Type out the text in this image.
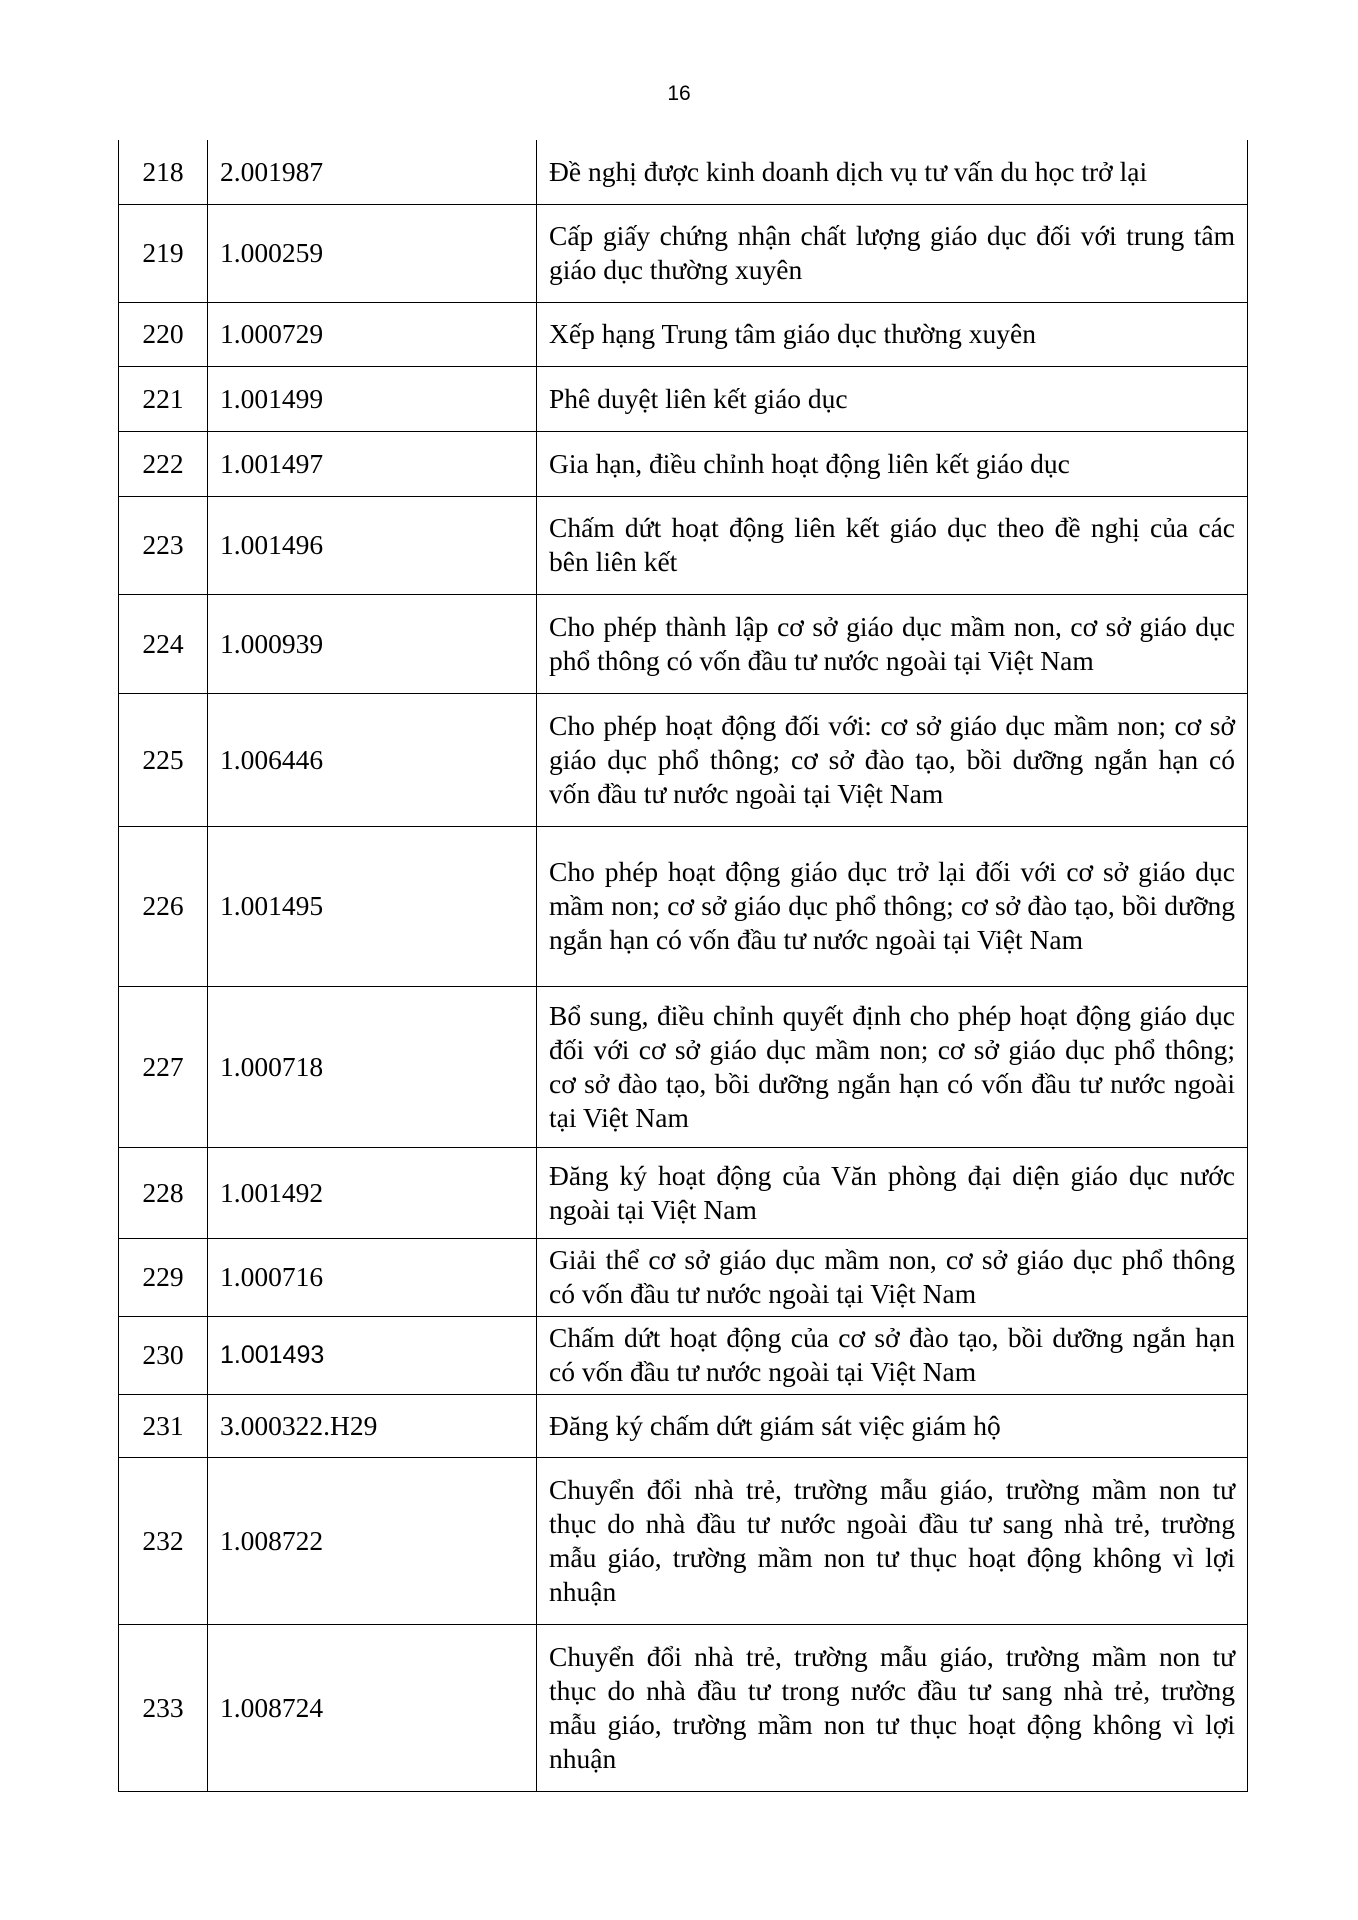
16
218	2.001987	Đề nghị được kinh doanh dịch vụ tư vấn du học trở lại
219	1.000259	Cấp giấy chứng nhận chất lượng giáo dục đối với trung tâm giáo dục thường xuyên
220	1.000729	Xếp hạng Trung tâm giáo dục thường xuyên
221	1.001499	Phê duyệt liên kết giáo dục
222	1.001497	Gia hạn, điều chỉnh hoạt động liên kết giáo dục
223	1.001496	Chấm dứt hoạt động liên kết giáo dục theo đề nghị của các bên liên kết
224	1.000939	Cho phép thành lập cơ sở giáo dục mầm non, cơ sở giáo dục phổ thông có vốn đầu tư nước ngoài tại Việt Nam
225	1.006446	Cho phép hoạt động đối với: cơ sở giáo dục mầm non; cơ sở giáo dục phổ thông; cơ sở đào tạo, bồi dưỡng ngắn hạn có vốn đầu tư nước ngoài tại Việt Nam
226	1.001495	Cho phép hoạt động giáo dục trở lại đối với cơ sở giáo dục mầm non; cơ sở giáo dục phổ thông; cơ sở đào tạo, bồi dưỡng ngắn hạn có vốn đầu tư nước ngoài tại Việt Nam
227	1.000718	Bổ sung, điều chỉnh quyết định cho phép hoạt động giáo dục đối với cơ sở giáo dục mầm non; cơ sở giáo dục phổ thông; cơ sở đào tạo, bồi dưỡng ngắn hạn có vốn đầu tư nước ngoài tại Việt Nam
228	1.001492	Đăng ký hoạt động của Văn phòng đại diện giáo dục nước ngoài tại Việt Nam
229	1.000716	Giải thể cơ sở giáo dục mầm non, cơ sở giáo dục phổ thông có vốn đầu tư nước ngoài tại Việt Nam
230	1.001493	Chấm dứt hoạt động của cơ sở đào tạo, bồi dưỡng ngắn hạn có vốn đầu tư nước ngoài tại Việt Nam
231	3.000322.H29	Đăng ký chấm dứt giám sát việc giám hộ
232	1.008722	Chuyển đổi nhà trẻ, trường mẫu giáo, trường mầm non tư thục do nhà đầu tư nước ngoài đầu tư sang nhà trẻ, trường mẫu giáo, trường mầm non tư thục hoạt động không vì lợi nhuận
233	1.008724	Chuyển đổi nhà trẻ, trường mẫu giáo, trường mầm non tư thục do nhà đầu tư trong nước đầu tư sang nhà trẻ, trường mẫu giáo, trường mầm non tư thục hoạt động không vì lợi nhuận
